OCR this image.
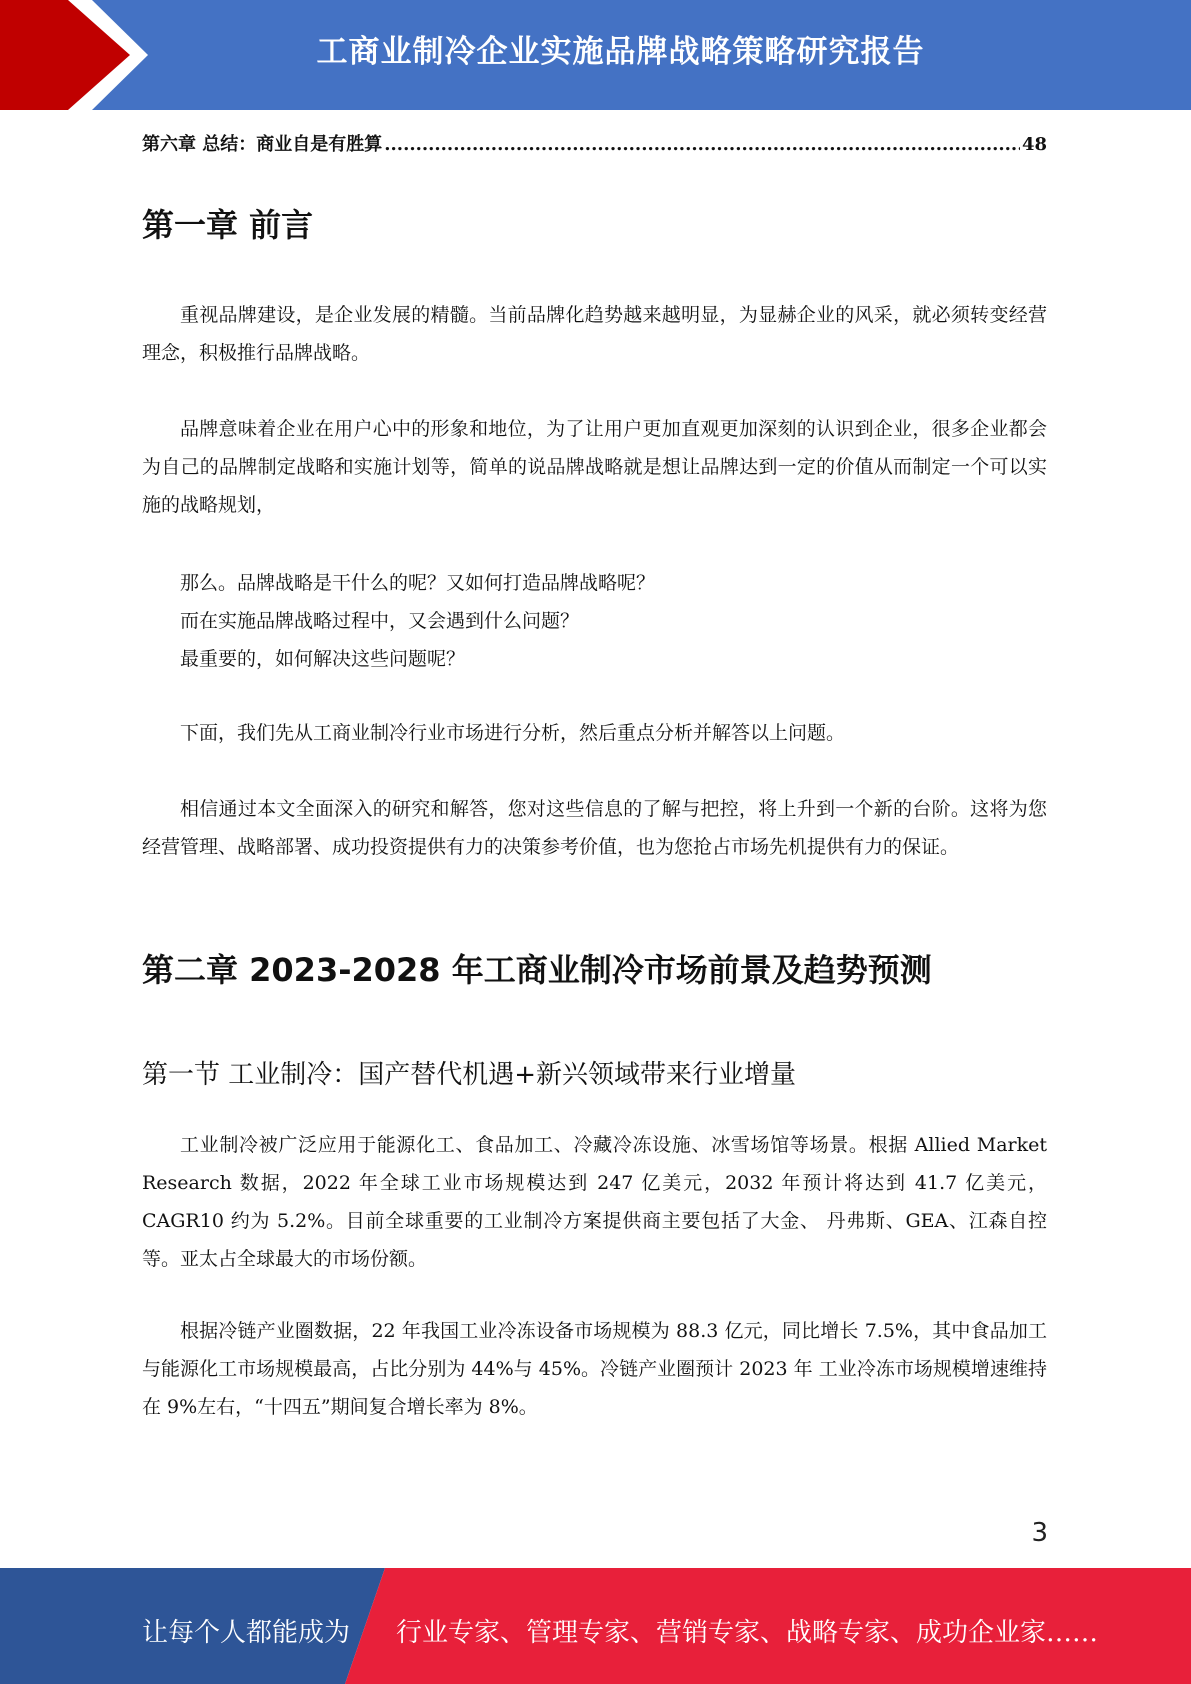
工商业制冷企业实施品牌战略策略研究报告
第六章 总结：商业自是有胜算
.....	48
第一章 前言

重视品牌建设，是企业发展的精髓。当前品牌化趋势越来越明显，为显赫企业的风采，就必须转变经营理念，积极推行品牌战略。

品牌意味着企业在用户心中的形象和地位，为了让用户更加直观更加深刻的认识到企业，很多企业都会为自己的品牌制定战略和实施计划等，简单的说品牌战略就是想让品牌达到一定的价值从而制定一个可以实施的战略规划，

那么。品牌战略是干什么的呢？又如何打造品牌战略呢？

而在实施品牌战略过程中，又会遇到什么问题？

最重要的，如何解决这些问题呢？

下面，我们先从工商业制冷行业市场进行分析，然后重点分析并解答以上问题。

相信通过本文全面深入的研究和解答，您对这些信息的了解与把控，将上升到一个新的台阶。这将为您经营管理、战略部署、成功投资提供有力的决策参考价值，也为您抢占市场先机提供有力的保证。

第二章 2023-2028 年工商业制冷市场前景及趋势预测
第一节 工业制冷：国产替代机遇+新兴领域带来行业增量

工业制冷被广泛应用于能源化工、食品加工、冷藏冷冻设施、冰雪场馆等场景。根据 Allied Market Research 数据，2022 年全球工业市场规模达到 247 亿美元，2032 年预计将达到 41.7 亿美元，CAGR10 约为 5.2%。目前全球重要的工业制冷方案提供商主要包括了大金、 丹弗斯、GEA、江森自控等。亚太占全球最大的市场份额。

根据冷链产业圈数据，22 年我国工业冷冻设备市场规模为 88.3 亿元，同比增长 7.5%，其中食品加工与能源化工市场规模最高，占比分别为 44%与 45%。冷链产业圈预计 2023 年 工业冷冻市场规模增速维持在 9%左右，“十四五”期间复合增长率为 8%。

3
让每个人都能成为 行业专家、管理专家、营销专家、战略专家、成功企业家……
